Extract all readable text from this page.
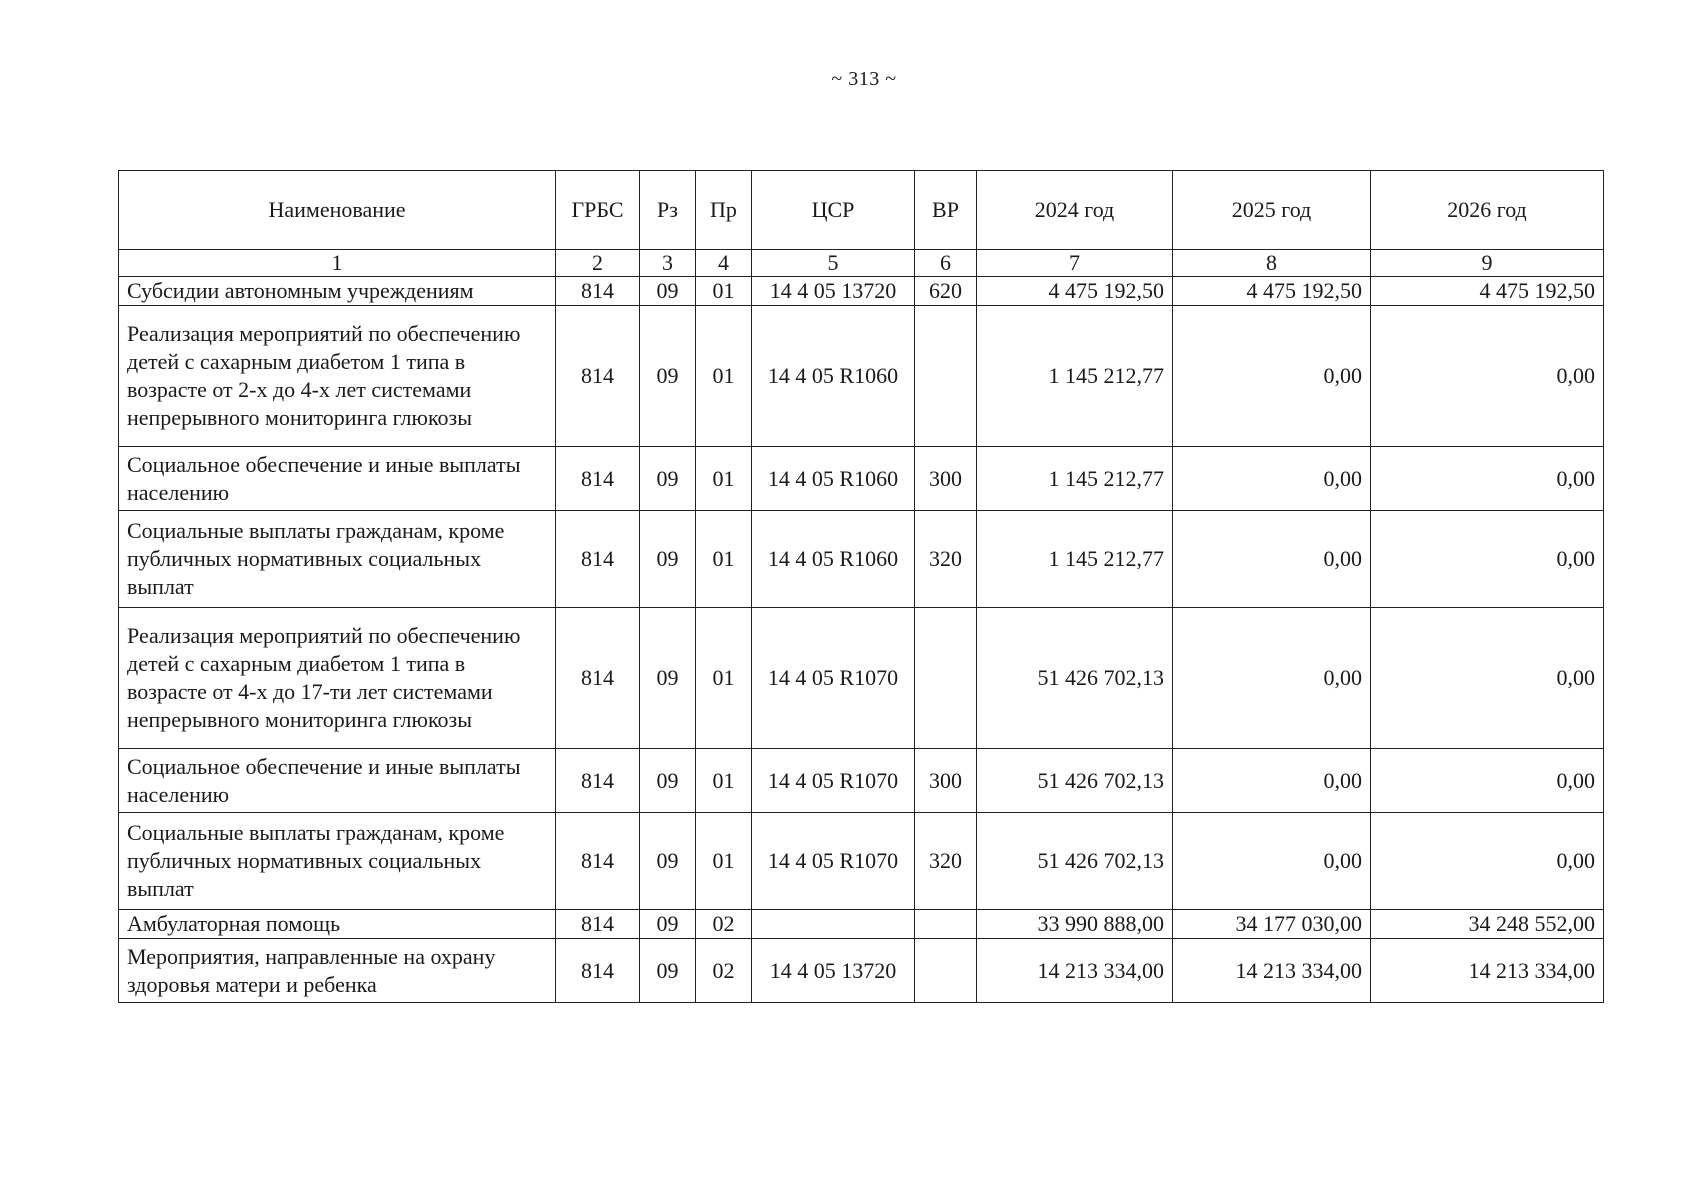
~ 313 ~
Наименование	ГРБС	Рз	Пр	ЦСР	ВР	2024 год	2025 год	2026 год
1	2	3	4	5	6	7	8	9
Субсидии автономным учреждениям	814	09	01	14 4 05 13720	620	4 475 192,50	4 475 192,50	4 475 192,50
Реализация мероприятий по обеспечению детей с сахарным диабетом 1 типа в возрасте от 2-х до 4-х лет системами непрерывного мониторинга глюкозы	814	09	01	14 4 05 R1060		1 145 212,77	0,00	0,00
Социальное обеспечение и иные выплаты населению	814	09	01	14 4 05 R1060	300	1 145 212,77	0,00	0,00
Социальные выплаты гражданам, кроме публичных нормативных социальных выплат	814	09	01	14 4 05 R1060	320	1 145 212,77	0,00	0,00
Реализация мероприятий по обеспечению детей с сахарным диабетом 1 типа в возрасте от 4-х до 17-ти лет системами непрерывного мониторинга глюкозы	814	09	01	14 4 05 R1070		51 426 702,13	0,00	0,00
Социальное обеспечение и иные выплаты населению	814	09	01	14 4 05 R1070	300	51 426 702,13	0,00	0,00
Социальные выплаты гражданам, кроме публичных нормативных социальных выплат	814	09	01	14 4 05 R1070	320	51 426 702,13	0,00	0,00
Амбулаторная помощь	814	09	02			33 990 888,00	34 177 030,00	34 248 552,00
Мероприятия, направленные на охрану здоровья матери и ребенка	814	09	02	14 4 05 13720		14 213 334,00	14 213 334,00	14 213 334,00
